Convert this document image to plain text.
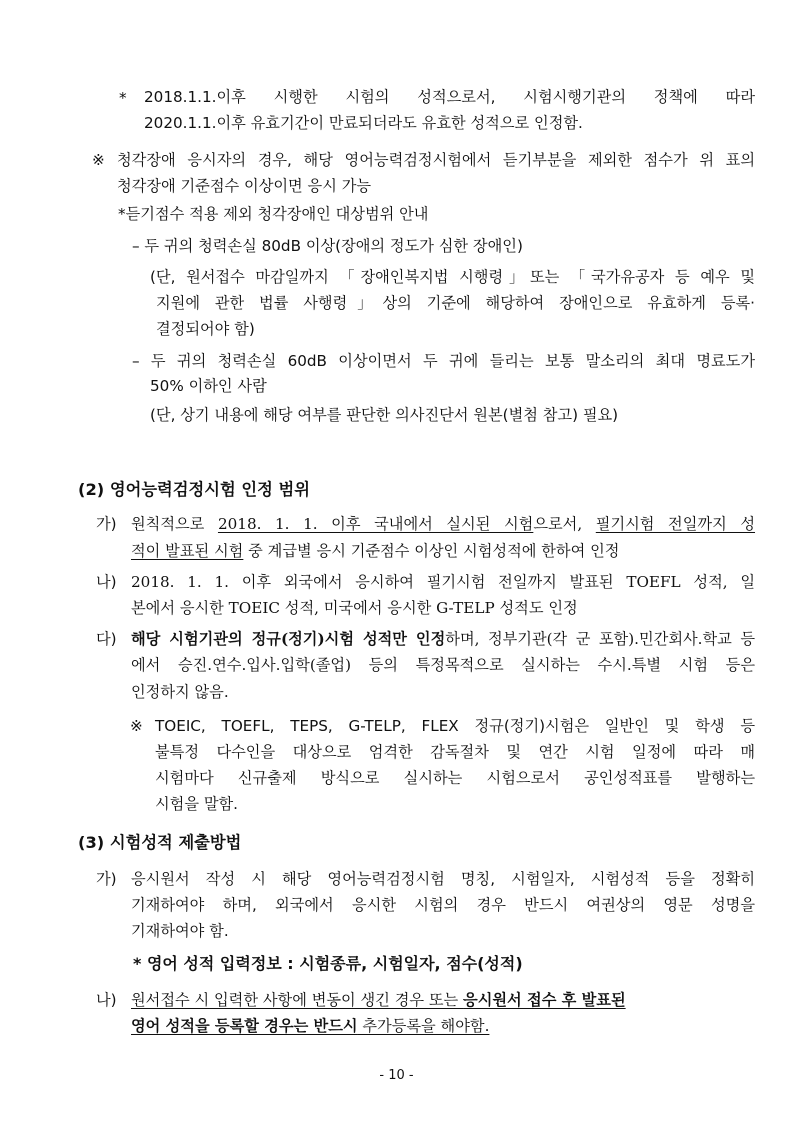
* 2018.1.1.이후 시행한 시험의 성적으로서, 시험시행기관의 정책에 따라
2020.1.1.이후 유효기간이 만료되더라도 유효한 성적으로 인정함.
※ 청각장애 응시자의 경우, 해당 영어능력검정시험에서 듣기부분을 제외한 점수가 위 표의
청각장애 기준점수 이상이면 응시 가능
*듣기점수 적용 제외 청각장애인 대상범위 안내
– 두 귀의 청력손실 80dB 이상(장애의 정도가 심한 장애인)
(단, 원서접수 마감일까지 「장애인복지법 시행령」또는 「국가유공자 등 예우 및
지원에 관한 법률 사행령」상의 기준에 해당하여 장애인으로 유효하게 등록·
결정되어야 함)
– 두 귀의 청력손실 60dB 이상이면서 두 귀에 들리는 보통 말소리의 최대 명료도가
50% 이하인 사람
(단, 상기 내용에 해당 여부를 판단한 의사진단서 원본(별첨 참고) 필요)
(2) 영어능력검정시험 인정 범위
가) 원칙적으로 2018. 1. 1. 이후 국내에서 실시된 시험으로서, 필기시험 전일까지 성
적이 발표된 시험 중 계급별 응시 기준점수 이상인 시험성적에 한하여 인정
나) 2018. 1. 1. 이후 외국에서 응시하여 필기시험 전일까지 발표된 TOEFL 성적, 일
본에서 응시한 TOEIC 성적, 미국에서 응시한 G-TELP 성적도 인정
다) 해당 시험기관의 정규(정기)시험 성적만 인정하며, 정부기관(각 군 포함).민간회사.학교 등
에서 승진.연수.입사.입학(졸업) 등의 특정목적으로 실시하는 수시.특별 시험 등은
인정하지 않음.
※ TOEIC, TOEFL, TEPS, G-TELP, FLEX 정규(정기)시험은 일반인 및 학생 등
불특정 다수인을 대상으로 엄격한 감독절차 및 연간 시험 일정에 따라 매
시험마다 신규출제 방식으로 실시하는 시험으로서 공인성적표를 발행하는
시험을 말함.
(3) 시험성적 제출방법
가) 응시원서 작성 시 해당 영어능력검정시험 명칭, 시험일자, 시험성적 등을 정확히
기재하여야 하며, 외국에서 응시한 시험의 경우 반드시 여권상의 영문 성명을
기재하여야 함.
* 영어 성적 입력정보 : 시험종류, 시험일자, 점수(성적)
나) 원서접수 시 입력한 사항에 변동이 생긴 경우 또는 응시원서 접수 후 발표된
영어 성적을 등록할 경우는 반드시 추가등록을 해야함.
- 10 -
